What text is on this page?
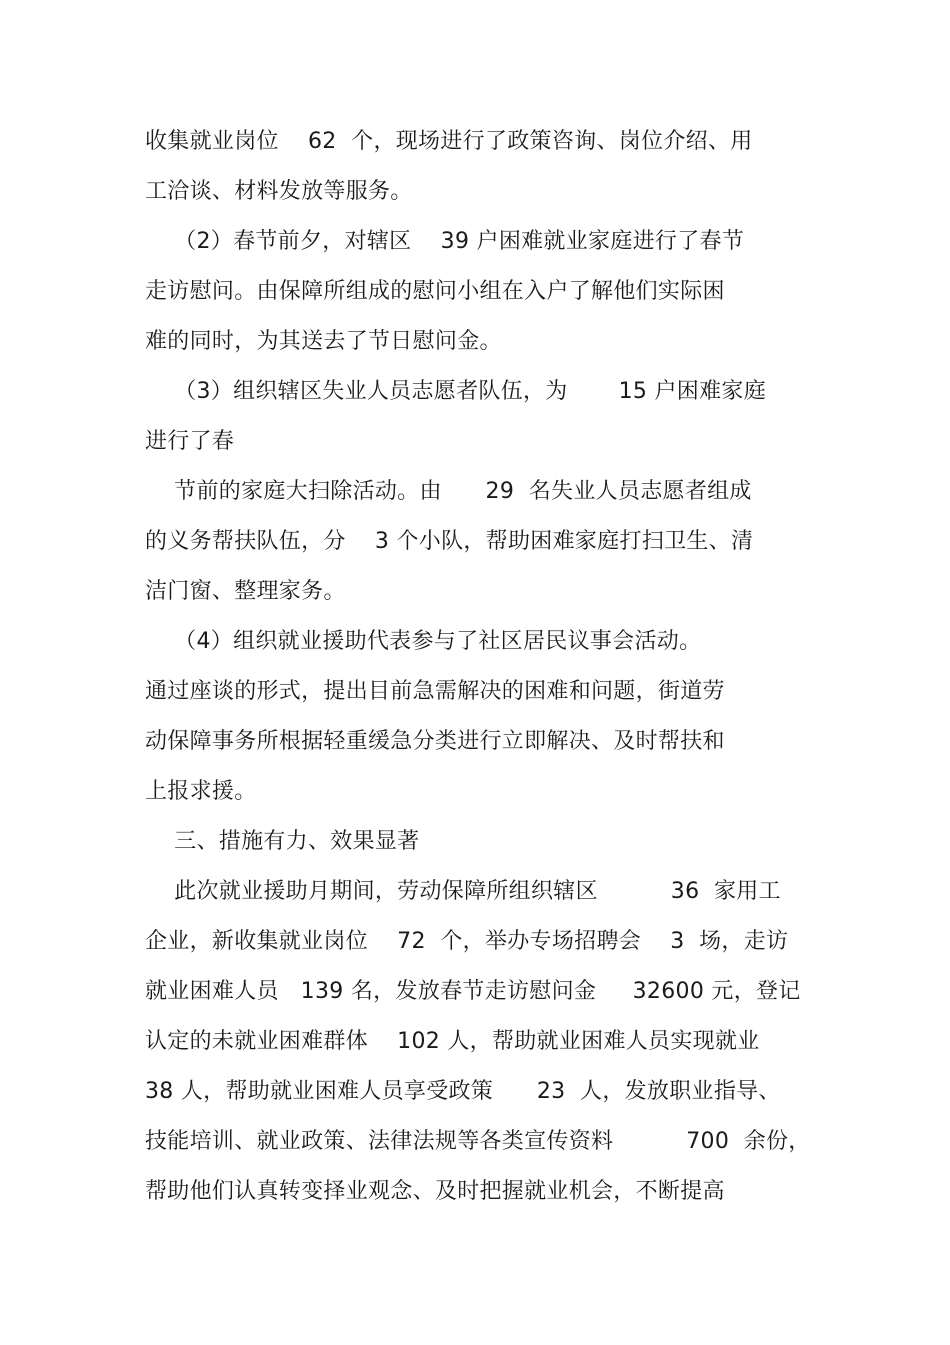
收集就业岗位    62  个，现场进行了政策咨询、岗位介绍、用
工洽谈、材料发放等服务。
（2）春节前夕，对辖区    39 户困难就业家庭进行了春节
走访慰问。由保障所组成的慰问小组在入户了解他们实际困
难的同时，为其送去了节日慰问金。
（3）组织辖区失业人员志愿者队伍，为       15 户困难家庭
进行了春
节前的家庭大扫除活动。由      29  名失业人员志愿者组成
的义务帮扶队伍，分    3 个小队，帮助困难家庭打扫卫生、清
洁门窗、整理家务。
（4）组织就业援助代表参与了社区居民议事会活动。
通过座谈的形式，提出目前急需解决的困难和问题，街道劳
动保障事务所根据轻重缓急分类进行立即解决、及时帮扶和
上报求援。
三、措施有力、效果显著
此次就业援助月期间，劳动保障所组织辖区          36  家用工
企业，新收集就业岗位    72  个，举办专场招聘会    3  场，走访
就业困难人员   139 名，发放春节走访慰问金     32600 元，登记
认定的未就业困难群体    102 人，帮助就业困难人员实现就业
38 人，帮助就业困难人员享受政策      23  人，发放职业指导、
技能培训、就业政策、法律法规等各类宣传资料          700  余份，
帮助他们认真转变择业观念、及时把握就业机会，不断提高
